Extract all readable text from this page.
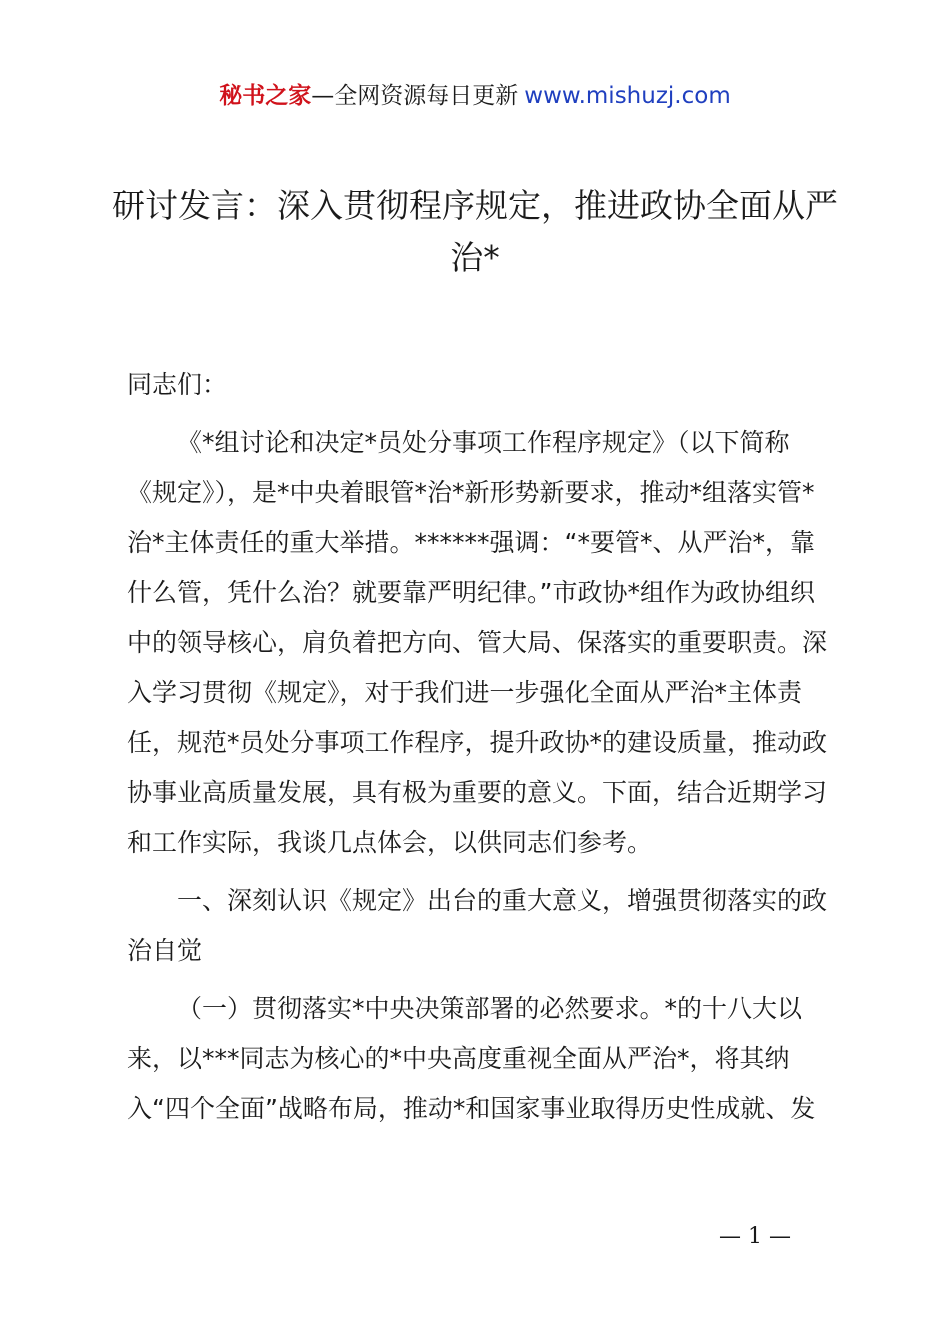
秘书之家—全网资源每日更新 www.mishuzj.com
研讨发言：深入贯彻程序规定，推进政协全面从严治*

同志们：

《*组讨论和决定*员处分事项工作程序规定》（以下简称《规定》），是*中央着眼管*治*新形势新要求，推动*组落实管*治*主体责任的重大举措。******强调：“*要管*、从严治*，靠什么管，凭什么治？就要靠严明纪律。”市政协*组作为政协组织中的领导核心，肩负着把方向、管大局、保落实的重要职责。深入学习贯彻《规定》，对于我们进一步强化全面从严治*主体责任，规范*员处分事项工作程序，提升政协*的建设质量，推动政协事业高质量发展，具有极为重要的意义。下面，结合近期学习和工作实际，我谈几点体会，以供同志们参考。

一、深刻认识《规定》出台的重大意义，增强贯彻落实的政治自觉

（一）贯彻落实*中央决策部署的必然要求。*的十八大以来，以***同志为核心的*中央高度重视全面从严治*，将其纳入“四个全面”战略布局，推动*和国家事业取得历史性成就、发

— 1 —
